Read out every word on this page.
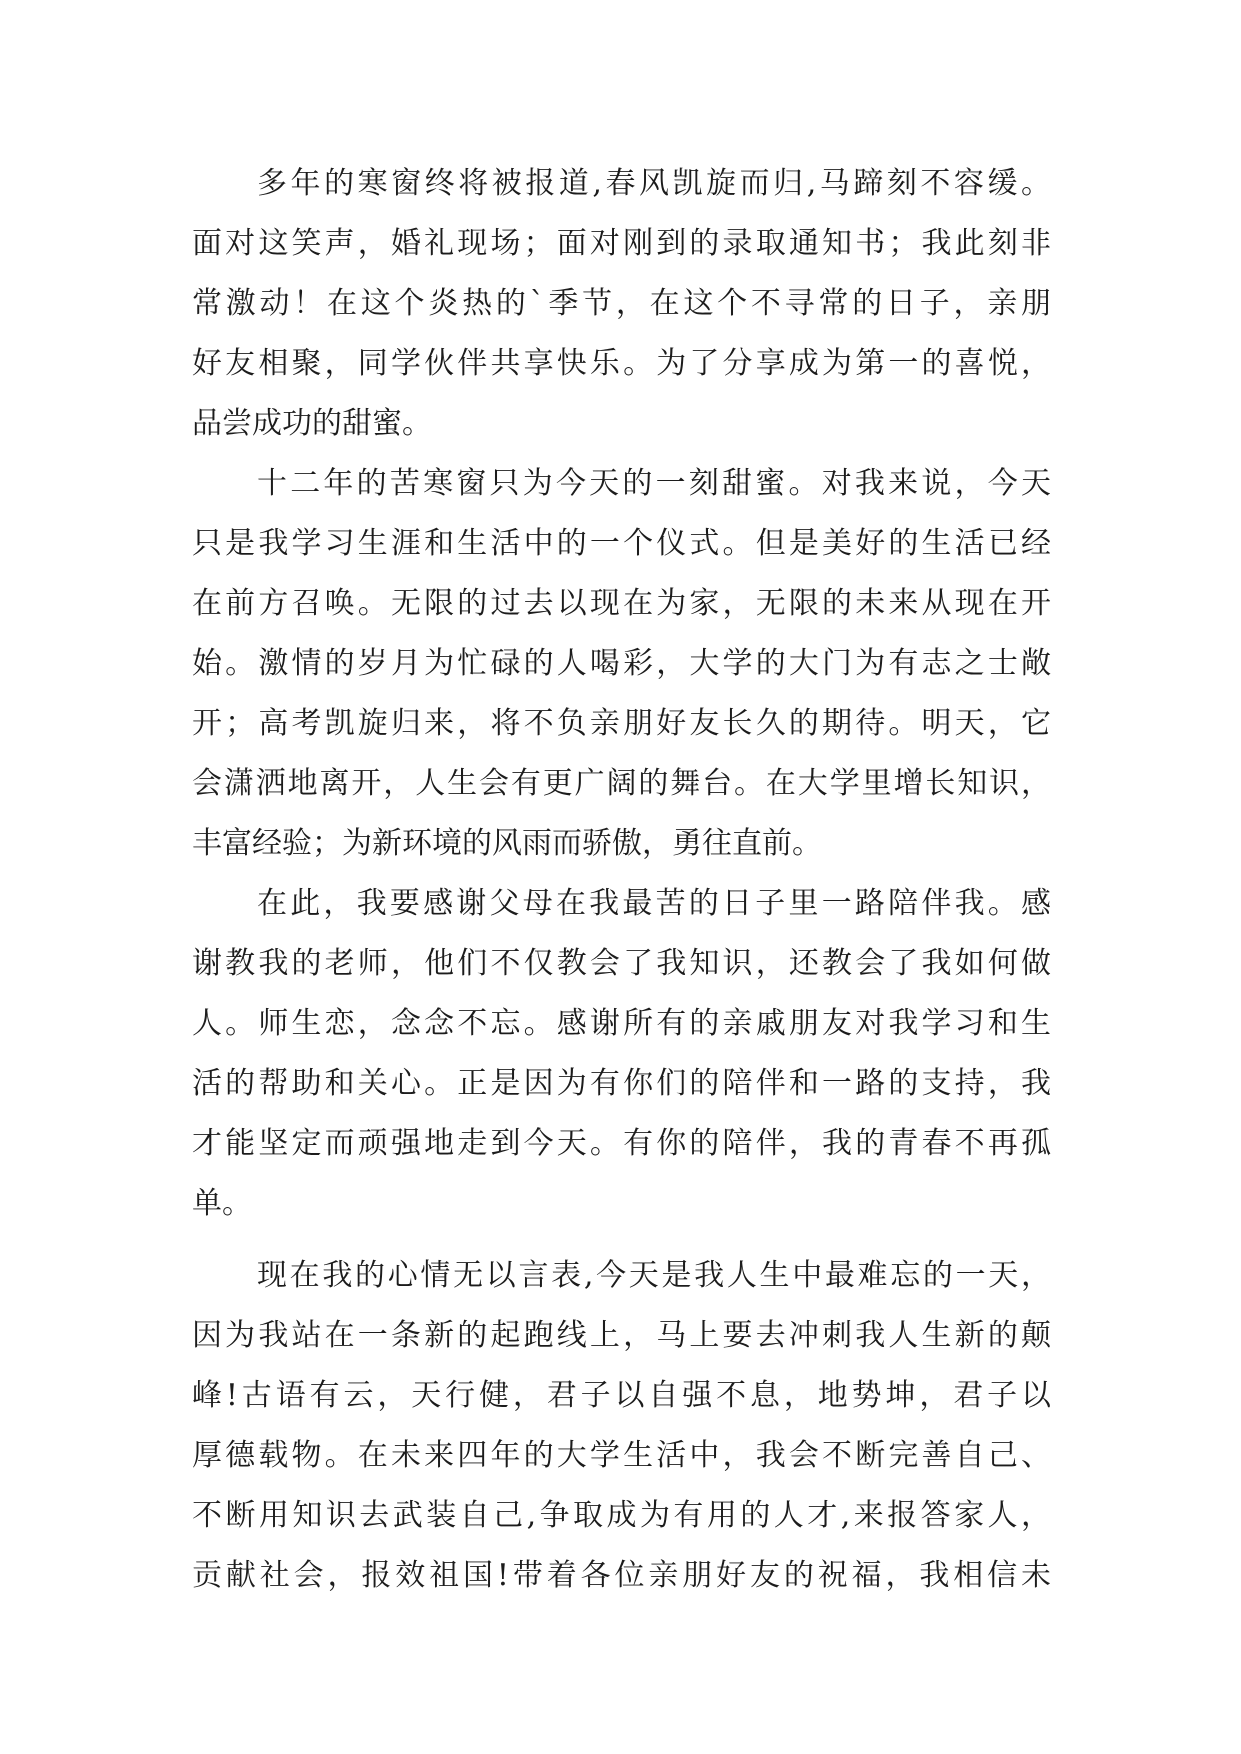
多年的寒窗终将被报道,春风凯旋而归,马蹄刻不容缓。
面对这笑声，婚礼现场；面对刚到的录取通知书；我此刻非
常激动！在这个炎热的`季节，在这个不寻常的日子，亲朋
好友相聚，同学伙伴共享快乐。为了分享成为第一的喜悦，
品尝成功的甜蜜。
十二年的苦寒窗只为今天的一刻甜蜜。对我来说，今天
只是我学习生涯和生活中的一个仪式。但是美好的生活已经
在前方召唤。无限的过去以现在为家，无限的未来从现在开
始。激情的岁月为忙碌的人喝彩，大学的大门为有志之士敞
开；高考凯旋归来，将不负亲朋好友长久的期待。明天，它
会潇洒地离开，人生会有更广阔的舞台。在大学里增长知识，
丰富经验；为新环境的风雨而骄傲，勇往直前。
在此，我要感谢父母在我最苦的日子里一路陪伴我。感
谢教我的老师，他们不仅教会了我知识，还教会了我如何做
人。师生恋，念念不忘。感谢所有的亲戚朋友对我学习和生
活的帮助和关心。正是因为有你们的陪伴和一路的支持，我
才能坚定而顽强地走到今天。有你的陪伴，我的青春不再孤
单。
现在我的心情无以言表,今天是我人生中最难忘的一天，
因为我站在一条新的起跑线上，马上要去冲刺我人生新的颠
峰!古语有云，天行健，君子以自强不息，地势坤，君子以
厚德载物。在未来四年的大学生活中，我会不断完善自己、
不断用知识去武装自己,争取成为有用的人才,来报答家人，
贡献社会，报效祖国!带着各位亲朋好友的祝福，我相信未
